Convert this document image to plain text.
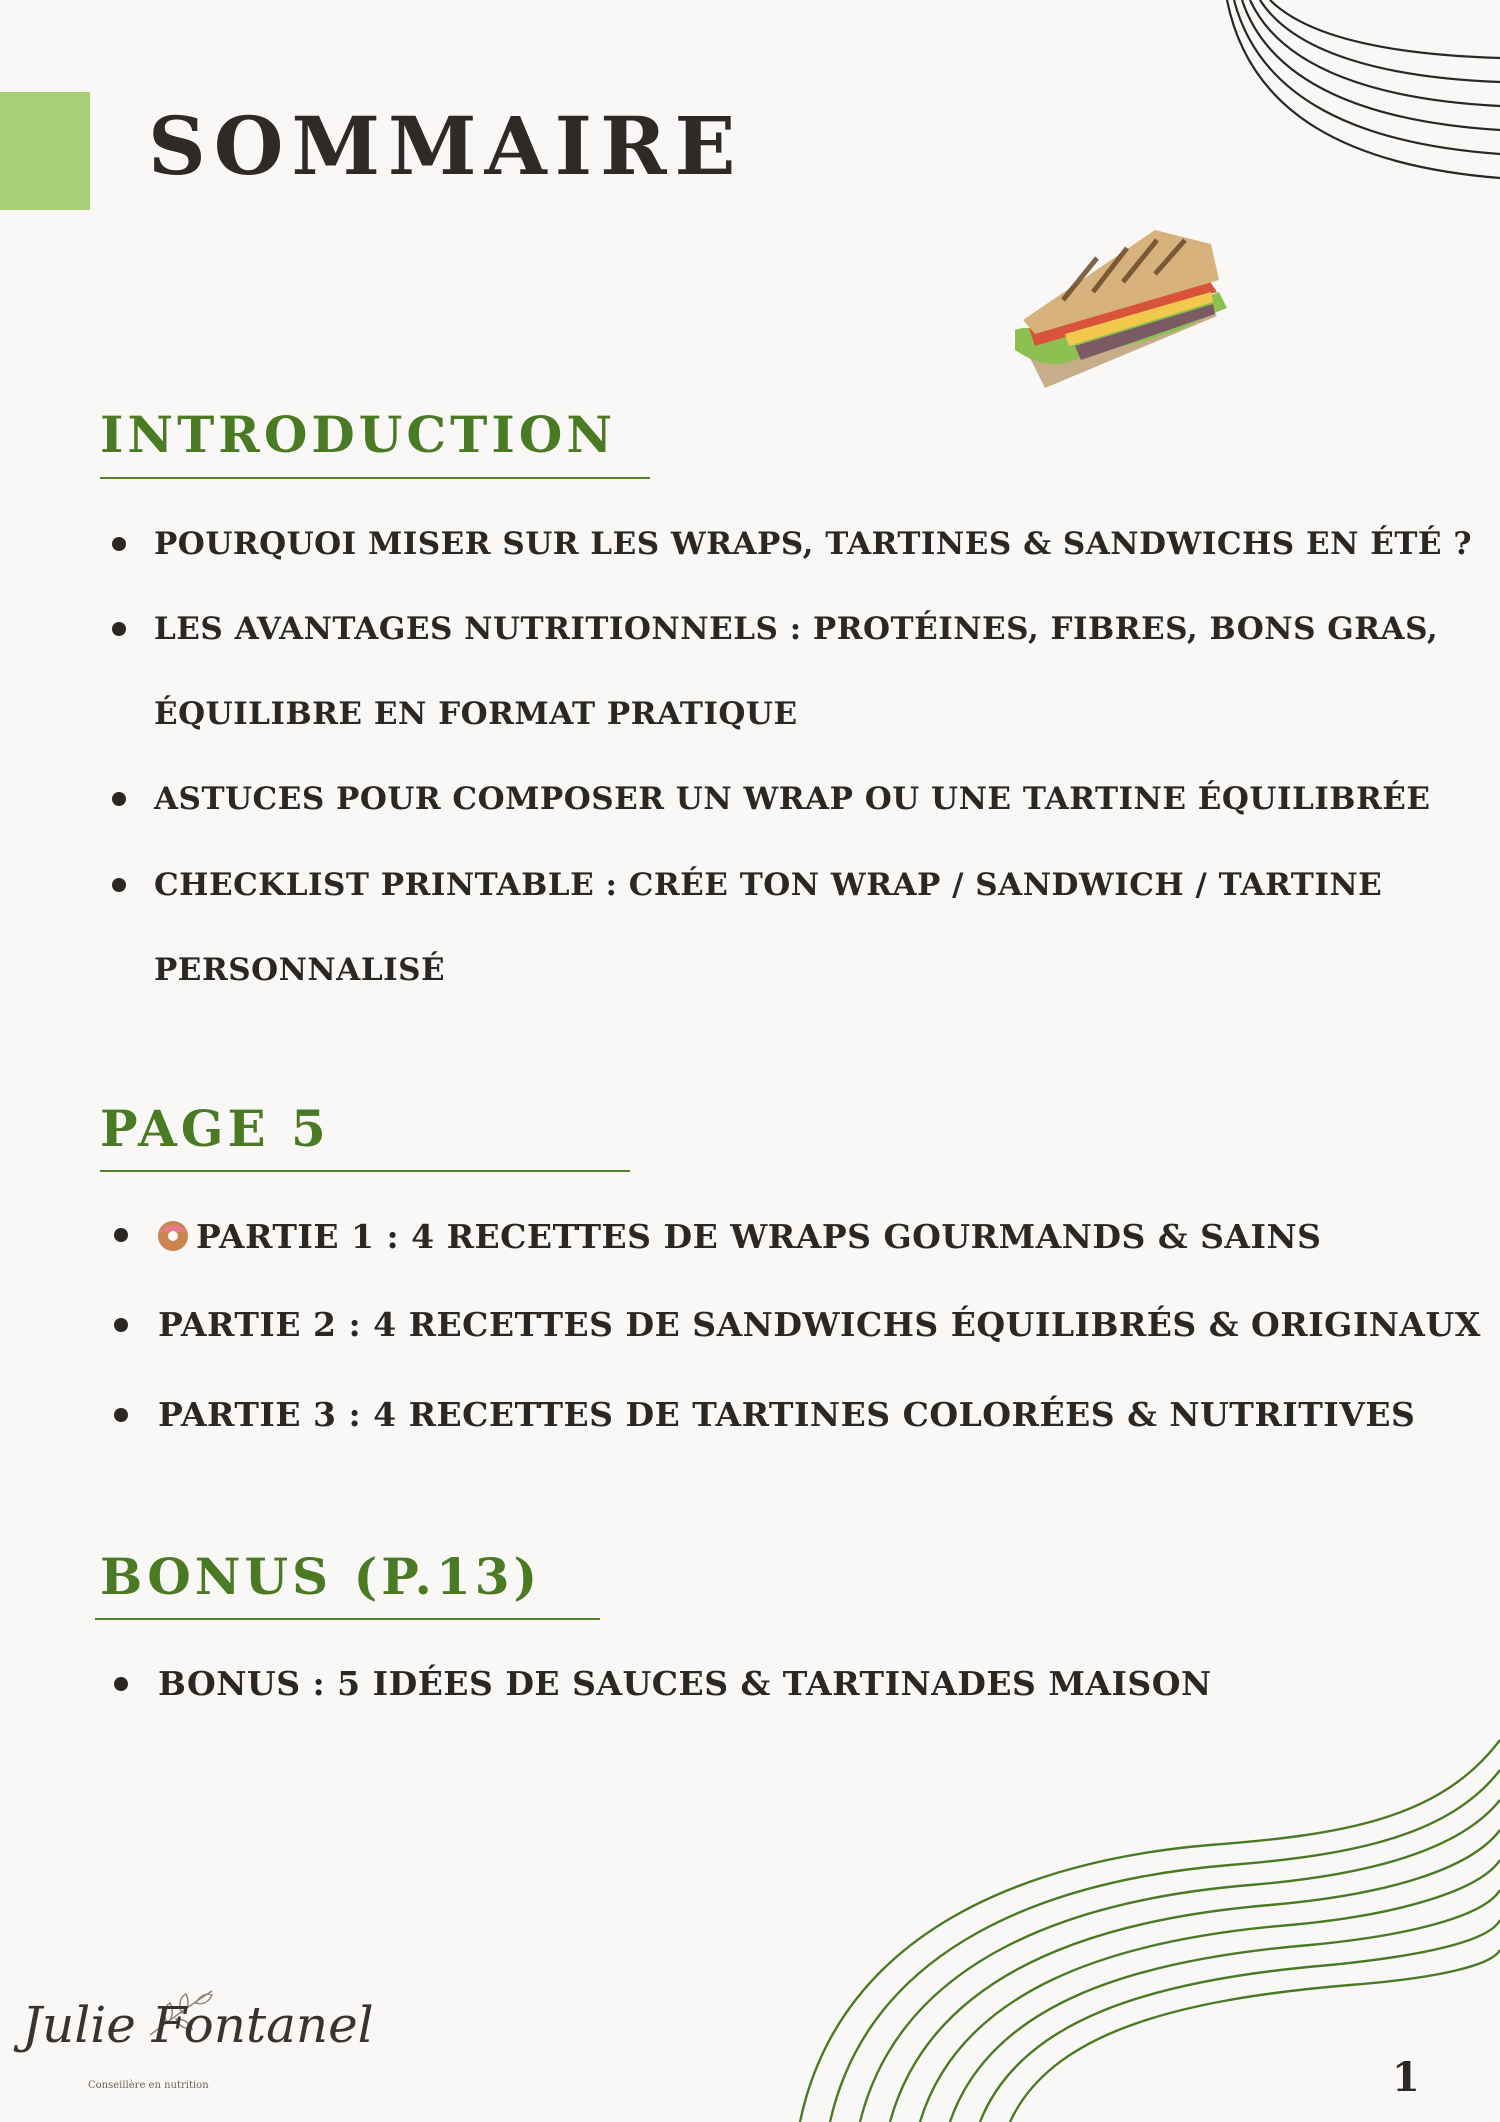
SOMMAIRE
INTRODUCTION

POURQUOI MISER SUR LES WRAPS, TARTINES & SANDWICHS EN ÉTÉ ?

LES AVANTAGES NUTRITIONNELS : PROTÉINES, FIBRES, BONS GRAS,

ÉQUILIBRE EN FORMAT PRATIQUE

ASTUCES POUR COMPOSER UN WRAP OU UNE TARTINE ÉQUILIBRÉE

CHECKLIST PRINTABLE : CRÉE TON WRAP / SANDWICH / TARTINE

PERSONNALISÉ

PAGE 5

PARTIE 1 : 4 RECETTES DE WRAPS GOURMANDS & SAINS

PARTIE 2 : 4 RECETTES DE SANDWICHS ÉQUILIBRÉS & ORIGINAUX

PARTIE 3 : 4 RECETTES DE TARTINES COLORÉES & NUTRITIVES

BONUS (P.13)

BONUS : 5 IDÉES DE SAUCES & TARTINADES MAISON

Julie Fontanel

Conseillère en nutrition	1
